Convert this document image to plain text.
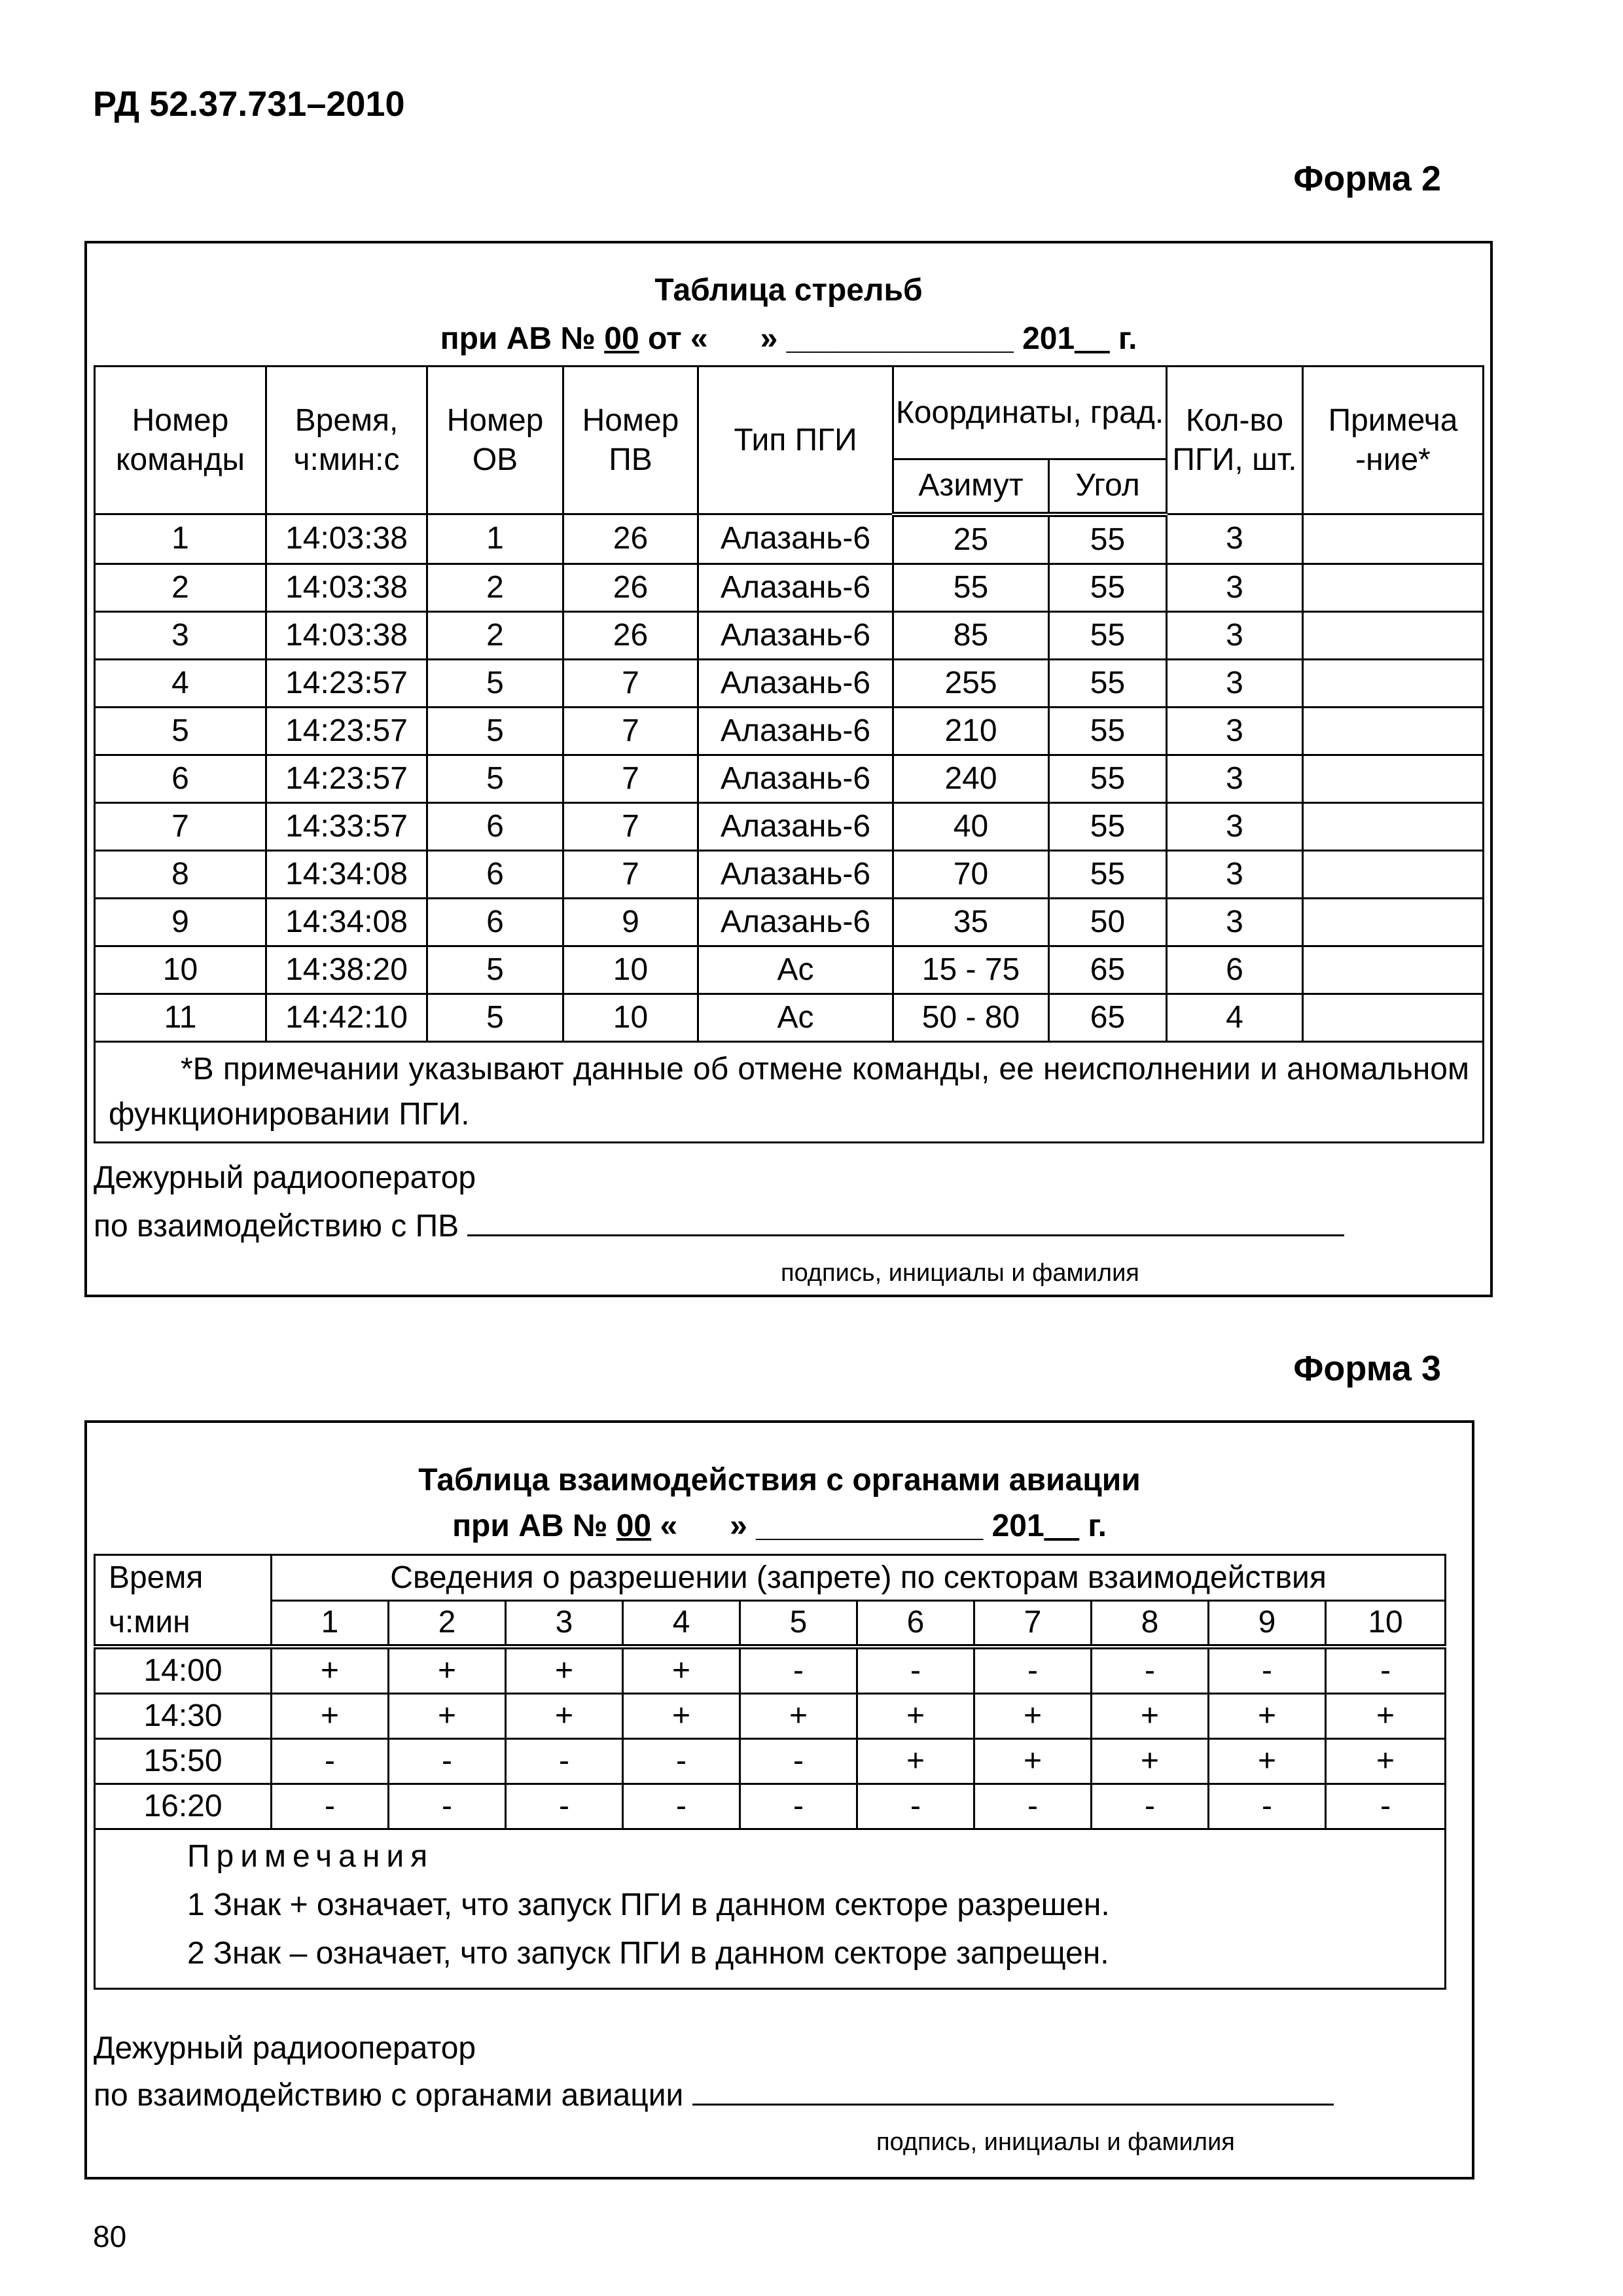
РД 52.37.731–2010
Форма 2
Таблица стрельб
при АВ № 00 от «      » _____________ 201__ г.
Номер команды	Время, ч:мин:с	Номер ОВ	Номер ПВ	Тип ПГИ	Координаты, град.		Кол-во ПГИ, шт.	Примеча -ние*
					Азимут	Угол		
1	14:03:38	1	26	Алазань-6	25	55	3	
2	14:03:38	2	26	Алазань-6	55	55	3	
3	14:03:38	2	26	Алазань-6	85	55	3	
4	14:23:57	5	7	Алазань-6	255	55	3	
5	14:23:57	5	7	Алазань-6	210	55	3	
6	14:23:57	5	7	Алазань-6	240	55	3	
7	14:33:57	6	7	Алазань-6	40	55	3	
8	14:34:08	6	7	Алазань-6	70	55	3	
9	14:34:08	6	9	Алазань-6	35	50	3	
10	14:38:20	5	10	Ас	15 - 75	65	6	
11	14:42:10	5	10	Ас	50 - 80	65	4	
*В примечании указывают данные об отмене команды, ее неисполнении и аномальном функционировании ПГИ.								
Дежурный радиооператор
по взаимодействию с ПВ
подпись, инициалы и фамилия
Форма 3
Таблица взаимодействия с органами авиации
при АВ № 00 «      » _____________ 201__ г.
Время	Сведения о разрешении (запрете) по секторам взаимодействия									
ч:мин	1	2	3	4	5	6	7	8	9	10
14:00	+	+	+	+	-	-	-	-	-	-
14:30	+	+	+	+	+	+	+	+	+	+
15:50	-	-	-	-	-	+	+	+	+	+
16:20	-	-	-	-	-	-	-	-	-	-

Примечания
1 Знак + означает, что запуск ПГИ в данном секторе разрешен.
2 Знак – означает, что запуск ПГИ в данном секторе запрещен.										
Дежурный радиооператор
по взаимодействию с органами авиации
подпись, инициалы и фамилия
80
